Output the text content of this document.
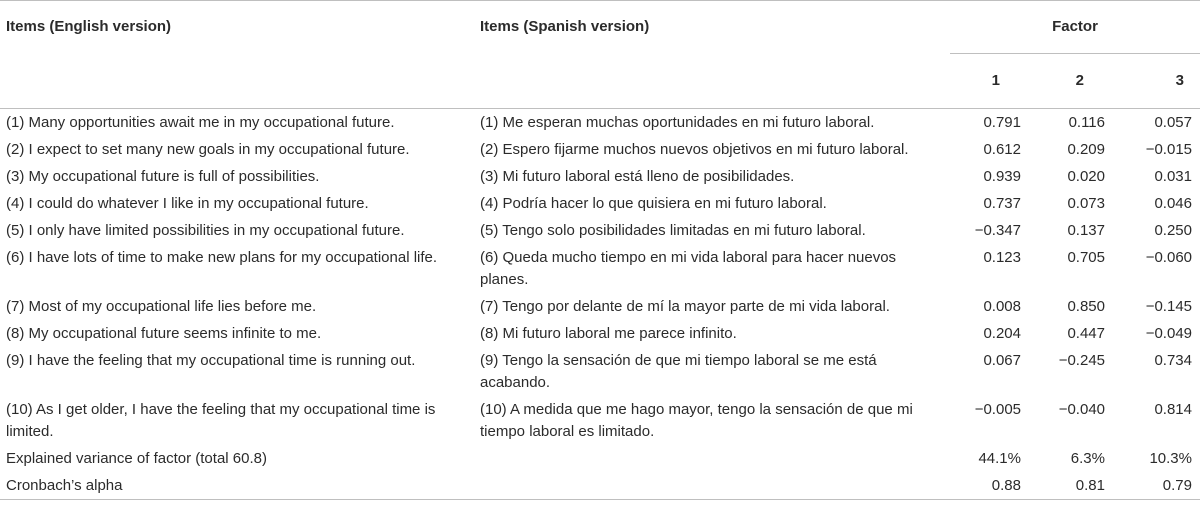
Items (English version)	Items (Spanish version)	Factor		

		1	2	3
(1) Many opportunities await me in my occupational future.	(1) Me esperan muchas oportunidades en mi futuro laboral.	0.791	0.116	0.057
(2) I expect to set many new goals in my occupational future.	(2) Espero fijarme muchos nuevos objetivos en mi futuro laboral.	0.612	0.209	−0.015
(3) My occupational future is full of possibilities.	(3) Mi futuro laboral está lleno de posibilidades.	0.939	0.020	0.031
(4) I could do whatever I like in my occupational future.	(4) Podría hacer lo que quisiera en mi futuro laboral.	0.737	0.073	0.046
(5) I only have limited possibilities in my occupational future.	(5) Tengo solo posibilidades limitadas en mi futuro laboral.	−0.347	0.137	0.250
(6) I have lots of time to make new plans for my occupational life.	(6) Queda mucho tiempo en mi vida laboral para hacer nuevos planes.	0.123	0.705	−0.060
(7) Most of my occupational life lies before me.	(7) Tengo por delante de mí la mayor parte de mi vida laboral.	0.008	0.850	−0.145
(8) My occupational future seems infinite to me.	(8) Mi futuro laboral me parece infinito.	0.204	0.447	−0.049
(9) I have the feeling that my occupational time is running out.	(9) Tengo la sensación de que mi tiempo laboral se me está acabando.	0.067	−0.245	0.734
(10) As I get older, I have the feeling that my occupational time is limited.	(10) A medida que me hago mayor, tengo la sensación de que mi tiempo laboral es limitado.	−0.005	−0.040	0.814
Explained variance of factor (total 60.8)		44.1%	6.3%	10.3%
Cronbach’s alpha		0.88	0.81	0.79
